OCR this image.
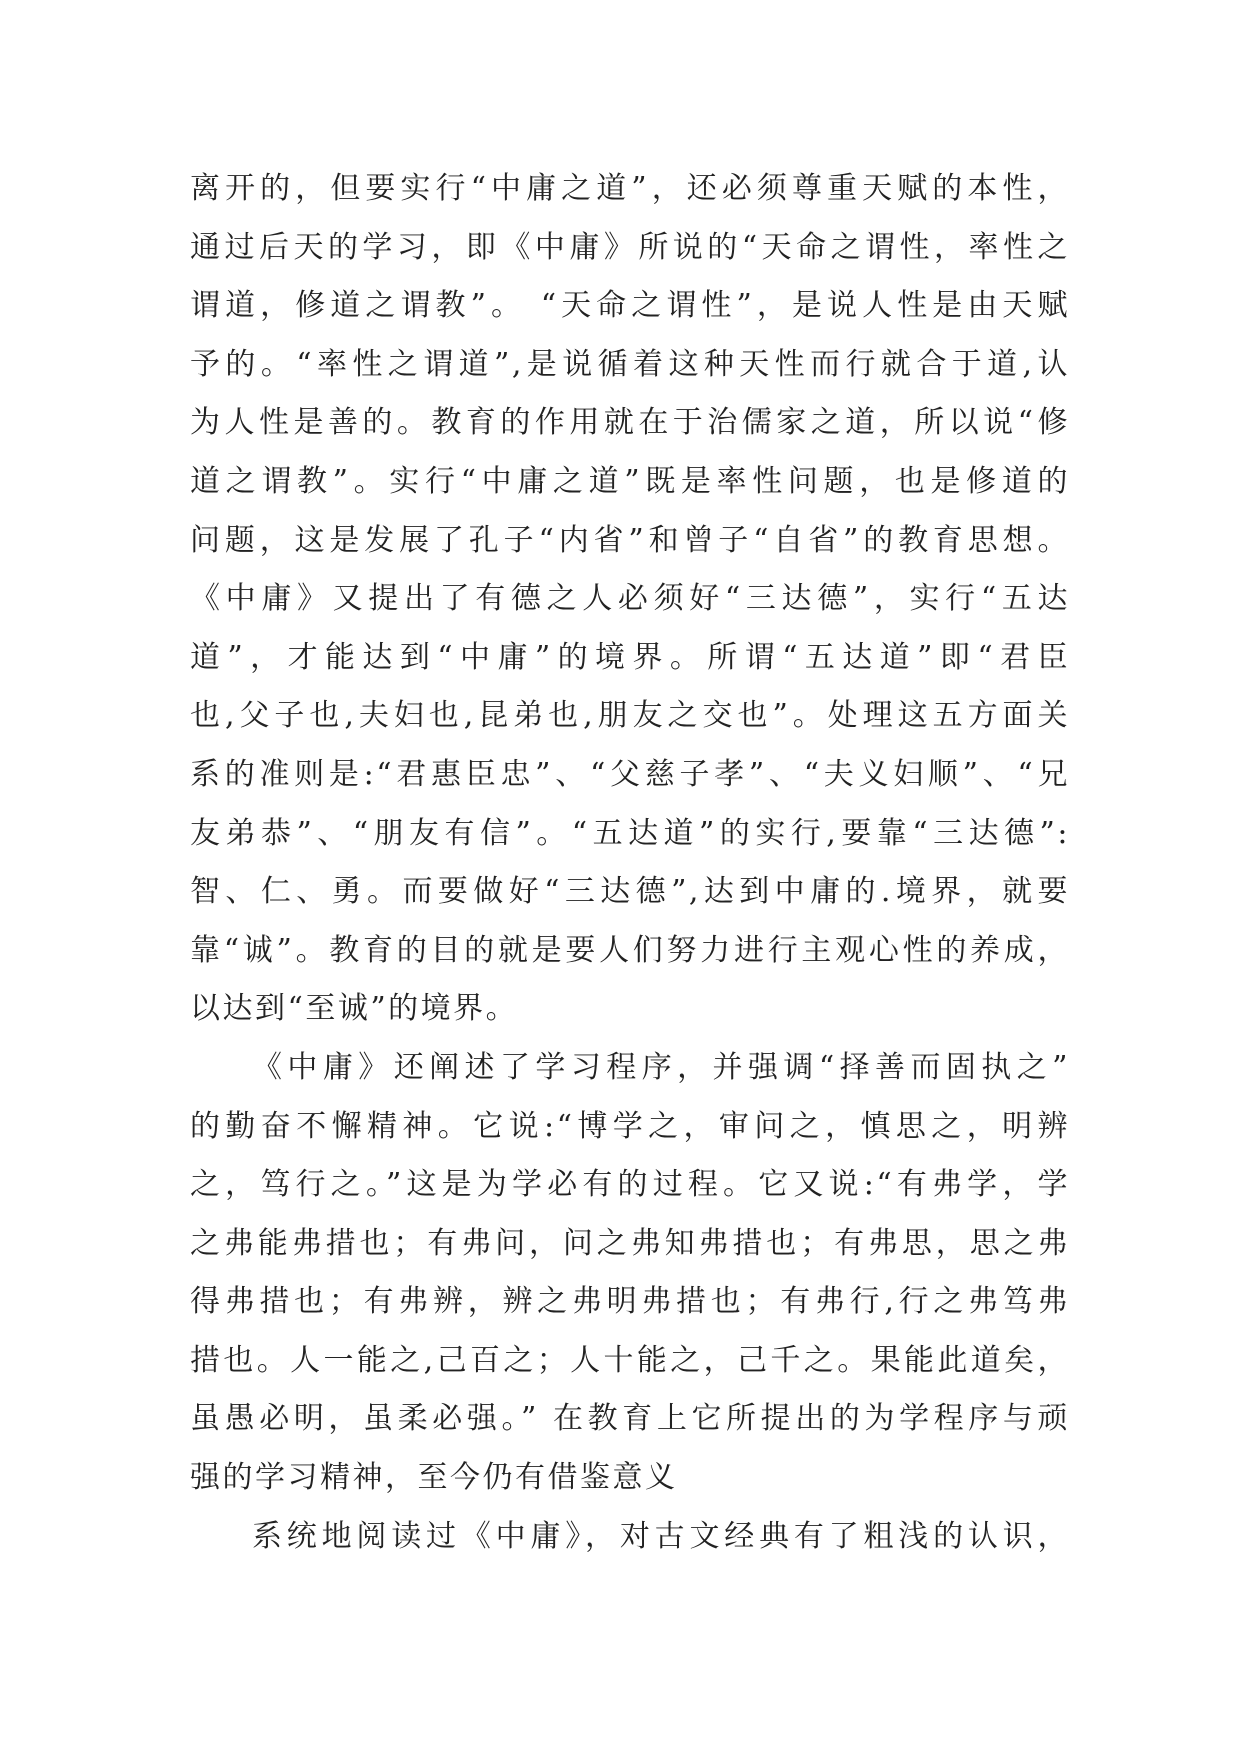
离开的，但要实行“中庸之道”，还必须尊重天赋的本性，
通过后天的学习，即《中庸》所说的“天命之谓性，率性之
谓道，修道之谓教”。 “天命之谓性”，是说人性是由天赋
予的。“率性之谓道”,是说循着这种天性而行就合于道,认
为人性是善的。教育的作用就在于治儒家之道，所以说“修
道之谓教”。实行“中庸之道”既是率性问题，也是修道的
问题，这是发展了孔子“内省”和曾子“自省”的教育思想。
《中庸》又提出了有德之人必须好“三达德”，实行“五达
道”，才能达到“中庸”的境界。所谓“五达道”即“君臣
也,父子也,夫妇也,昆弟也,朋友之交也”。处理这五方面关
系的准则是:“君惠臣忠”、“父慈子孝”、“夫义妇顺”、“兄
友弟恭”、“朋友有信”。“五达道”的实行,要靠“三达德”:
智、仁、勇。而要做好“三达德”,达到中庸的.境界，就要
靠“诚”。教育的目的就是要人们努力进行主观心性的养成，
以达到“至诚”的境界。
《中庸》还阐述了学习程序，并强调“择善而固执之”
的勤奋不懈精神。它说:“博学之，审问之，慎思之，明辨
之，笃行之。”这是为学必有的过程。它又说:“有弗学，学
之弗能弗措也；有弗问，问之弗知弗措也；有弗思，思之弗
得弗措也；有弗辨，辨之弗明弗措也；有弗行,行之弗笃弗
措也。人一能之,己百之；人十能之，己千之。果能此道矣，
虽愚必明，虽柔必强。” 在教育上它所提出的为学程序与顽
强的学习精神，至今仍有借鉴意义
系统地阅读过《中庸》，对古文经典有了粗浅的认识，
